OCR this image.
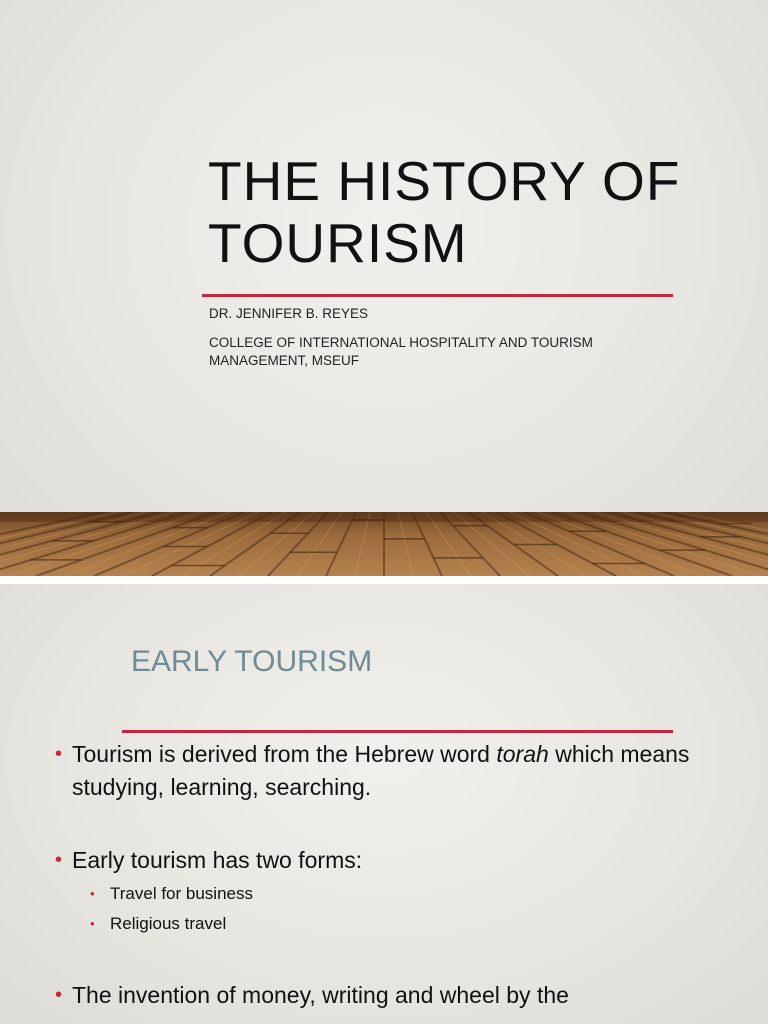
THE HISTORY OF
TOURISM
DR. JENNIFER B. REYES
COLLEGE OF INTERNATIONAL HOSPITALITY AND TOURISM MANAGEMENT, MSEUF
EARLY TOURISM
• Tourism is derived from the Hebrew word torah which means studying, learning, searching.
• Early tourism has two forms:
• Travel for business
• Religious travel
• The invention of money, writing and wheel by the
